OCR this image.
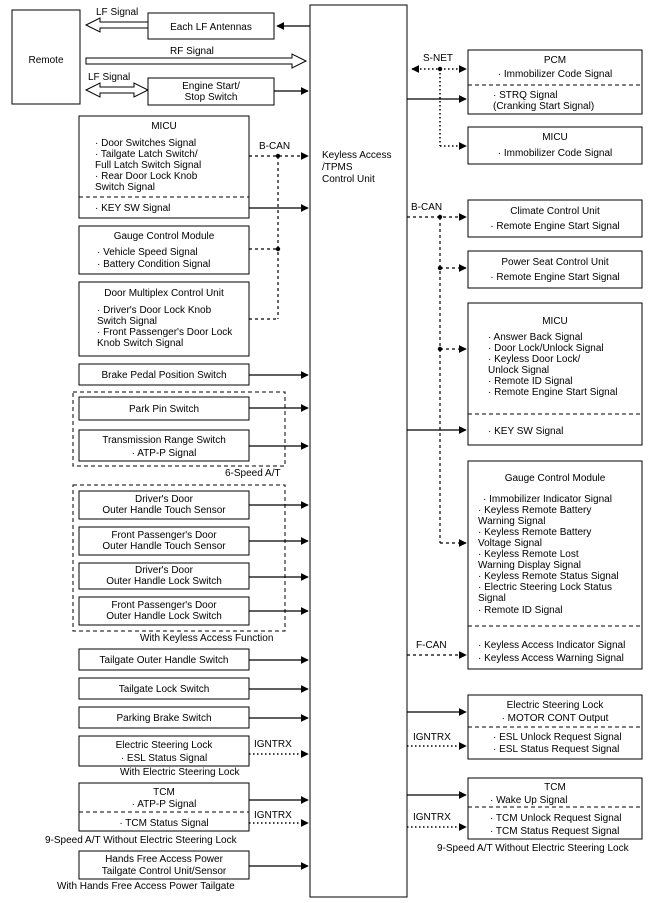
Keyless Access
/TPMS
Control Unit
Remote
LF Signal
Each LF Antennas
RF Signal
LF Signal
Engine Start/
Stop Switch
MICU
· Door Switches Signal
· Tailgate Latch Switch/
Full Latch Switch Signal
· Rear Door Lock Knob
Switch Signal
· KEY SW Signal
Gauge Control Module
· Vehicle Speed Signal
· Battery Condition Signal
Door Multiplex Control Unit
· Driver's Door Lock Knob
Switch Signal
· Front Passenger's Door Lock
Knob Switch Signal
B-CAN
Brake Pedal Position Switch
Park Pin Switch
Transmission Range Switch
· ATP-P Signal
6-Speed A/T
Driver's Door
Outer Handle Touch Sensor
Front Passenger's Door
Outer Handle Touch Sensor
Driver's Door
Outer Handle Lock Switch
Front Passenger's Door
Outer Handle Lock Switch
With Keyless Access Function
Tailgate Outer Handle Switch
Tailgate Lock Switch
Parking Brake Switch
Electric Steering Lock
· ESL Status Signal
IGNTRX
With Electric Steering Lock
TCM
· ATP-P Signal
· TCM Status Signal
IGNTRX
9-Speed A/T Without Electric Steering Lock
Hands Free Access Power
Tailgate Control Unit/Sensor
With Hands Free Access Power Tailgate
S-NET	PCM
· Immobilizer Code Signal
· STRQ Signal
(Cranking Start Signal)
MICU
· Immobilizer Code Signal
B-CAN	Climate Control Unit
· Remote Engine Start Signal
Power Seat Control Unit
· Remote Engine Start Signal
MICU
· Answer Back Signal
· Door Lock/Unlock Signal
· Keyless Door Lock/
Unlock Signal
· Remote ID Signal
· Remote Engine Start Signal
· KEY SW Signal
Gauge Control Module
· Immobilizer Indicator Signal
· Keyless Remote Battery
Warning Signal
· Keyless Remote Battery
Voltage Signal
· Keyless Remote Lost
Warning Display Signal
· Keyless Remote Status Signal
· Electric Steering Lock Status
Signal
· Remote ID Signal
· Keyless Access Indicator Signal
· Keyless Access Warning Signal
F-CAN
Electric Steering Lock
· MOTOR CONT Output
· ESL Unlock Request Signal
· ESL Status Request Signal
IGNTRX
TCM
· Wake Up Signal
· TCM Unlock Request Signal
· TCM Status Request Signal
IGNTRX
9-Speed A/T Without Electric Steering Lock
